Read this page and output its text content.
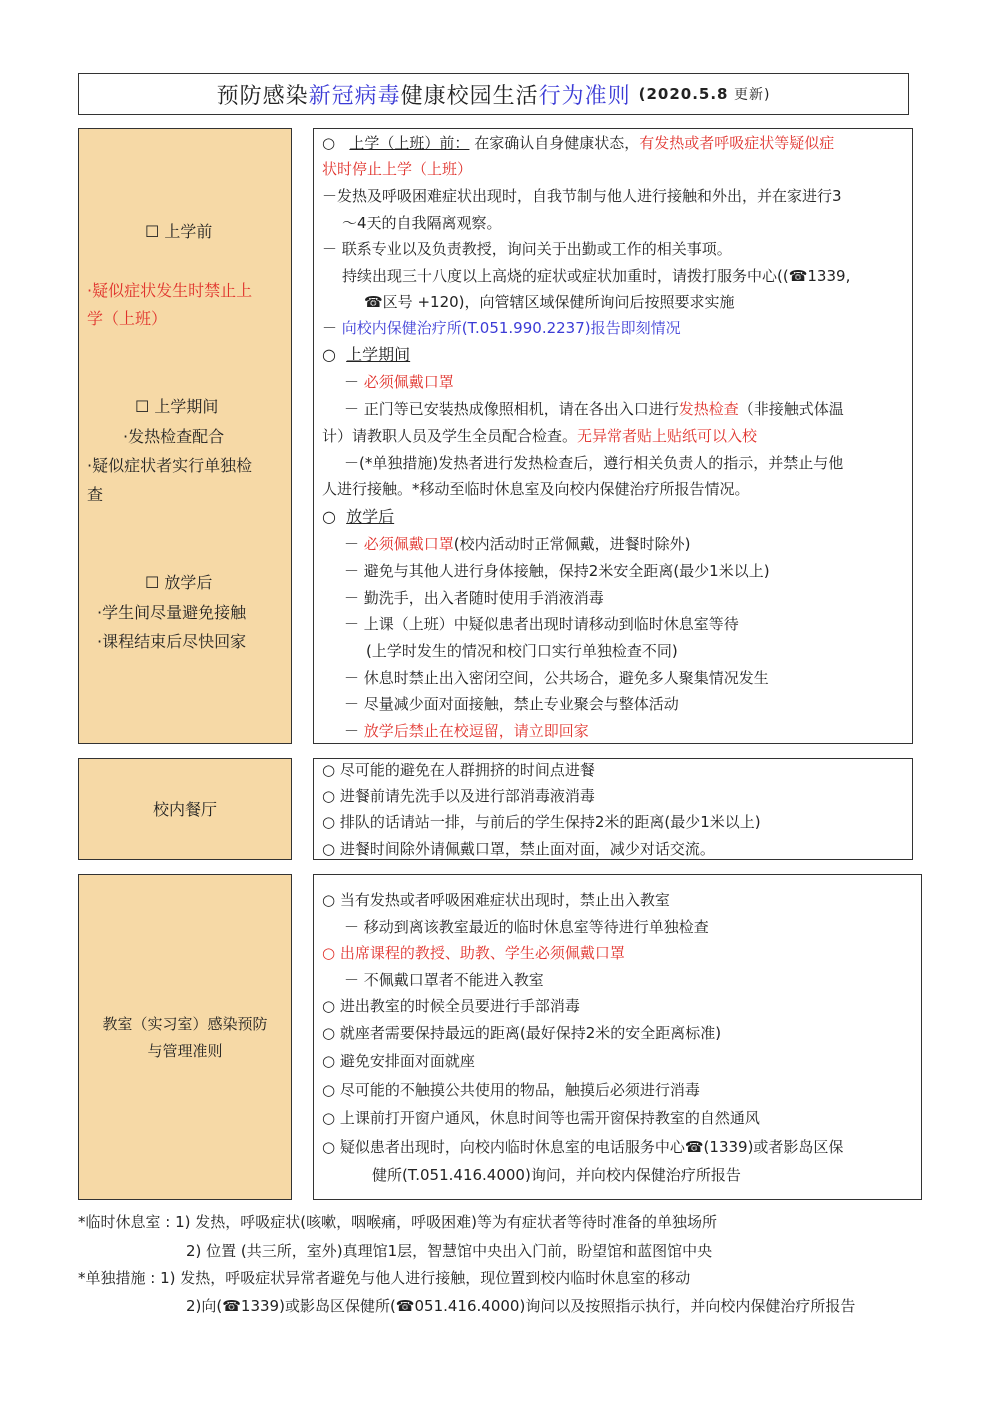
预防感染 新冠病毒 健康校园生活 行为准则 (2020.5.8 更新)
☐ 上学前
·疑似症状发生时禁止上
学（上班）
☐ 上学期间
·发热检查配合
·疑似症状者实行单独检
查
☐ 放学后
·学生间尽量避免接触
·课程结束后尽快回家
○ 上学（上班）前： 在家确认自身健康状态，有发热或者呼吸症状等疑似症
状时停止上学（上班）
－发热及呼吸困难症状出现时，自我节制与他人进行接触和外出，并在家进行3
～4天的自我隔离观察。
－ 联系专业以及负责教授，询问关于出勤或工作的相关事项。
持续出现三十八度以上高烧的症状或症状加重时，请拨打服务中心((☎1339,
☎区号 +120)，向管辖区域保健所询问后按照要求实施
－ 向校内保健治疗所(T.051.990.2237)报告即刻情况
○ 上学期间
－ 必须佩戴口罩
－ 正门等已安装热成像照相机，请在各出入口进行发热检查（非接触式体温
计）请教职人员及学生全员配合检查。无异常者贴上贴纸可以入校
－(*单独措施)发热者进行发热检查后，遵行相关负责人的指示，并禁止与他
人进行接触。*移动至临时休息室及向校内保健治疗所报告情况。
○ 放学后
－ 必须佩戴口罩(校内活动时正常佩戴，进餐时除外)
－ 避免与其他人进行身体接触，保持2米安全距离(最少1米以上)
－ 勤洗手，出入者随时使用手消液消毒
－ 上课（上班）中疑似患者出现时请移动到临时休息室等待
(上学时发生的情况和校门口实行单独检查不同)
－ 休息时禁止出入密闭空间，公共场合，避免多人聚集情况发生
－ 尽量减少面对面接触，禁止专业聚会与整体活动
－ 放学后禁止在校逗留，请立即回家
校内餐厅
○ 尽可能的避免在人群拥挤的时间点进餐
○ 进餐前请先洗手以及进行部消毒液消毒
○ 排队的话请站一排，与前后的学生保持2米的距离(最少1米以上)
○ 进餐时间除外请佩戴口罩，禁止面对面，减少对话交流。
教室（实习室）感染预防
与管理准则
○ 当有发热或者呼吸困难症状出现时，禁止出入教室
－ 移动到离该教室最近的临时休息室等待进行单独检查
○ 出席课程的教授、助教、学生必须佩戴口罩
－ 不佩戴口罩者不能进入教室
○ 进出教室的时候全员要进行手部消毒
○ 就座者需要保持最远的距离(最好保持2米的安全距离标准)
○ 避免安排面对面就座
○ 尽可能的不触摸公共使用的物品，触摸后必须进行消毒
○ 上课前打开窗户通风，休息时间等也需开窗保持教室的自然通风
○ 疑似患者出现时，向校内临时休息室的电话服务中心☎(1339)或者影岛区保
健所(T.051.416.4000)询问，并向校内保健治疗所报告
*临时休息室 : 1) 发热，呼吸症状(咳嗽，咽喉痛，呼吸困难)等为有症状者等待时准备的单独场所
2) 位置 (共三所，室外)真理馆1层，智慧馆中央出入门前，盼望馆和蓝图馆中央
*单独措施 : 1) 发热，呼吸症状异常者避免与他人进行接触，现位置到校内临时休息室的移动
2)向(☎1339)或影岛区保健所(☎051.416.4000)询问以及按照指示执行，并向校内保健治疗所报告
